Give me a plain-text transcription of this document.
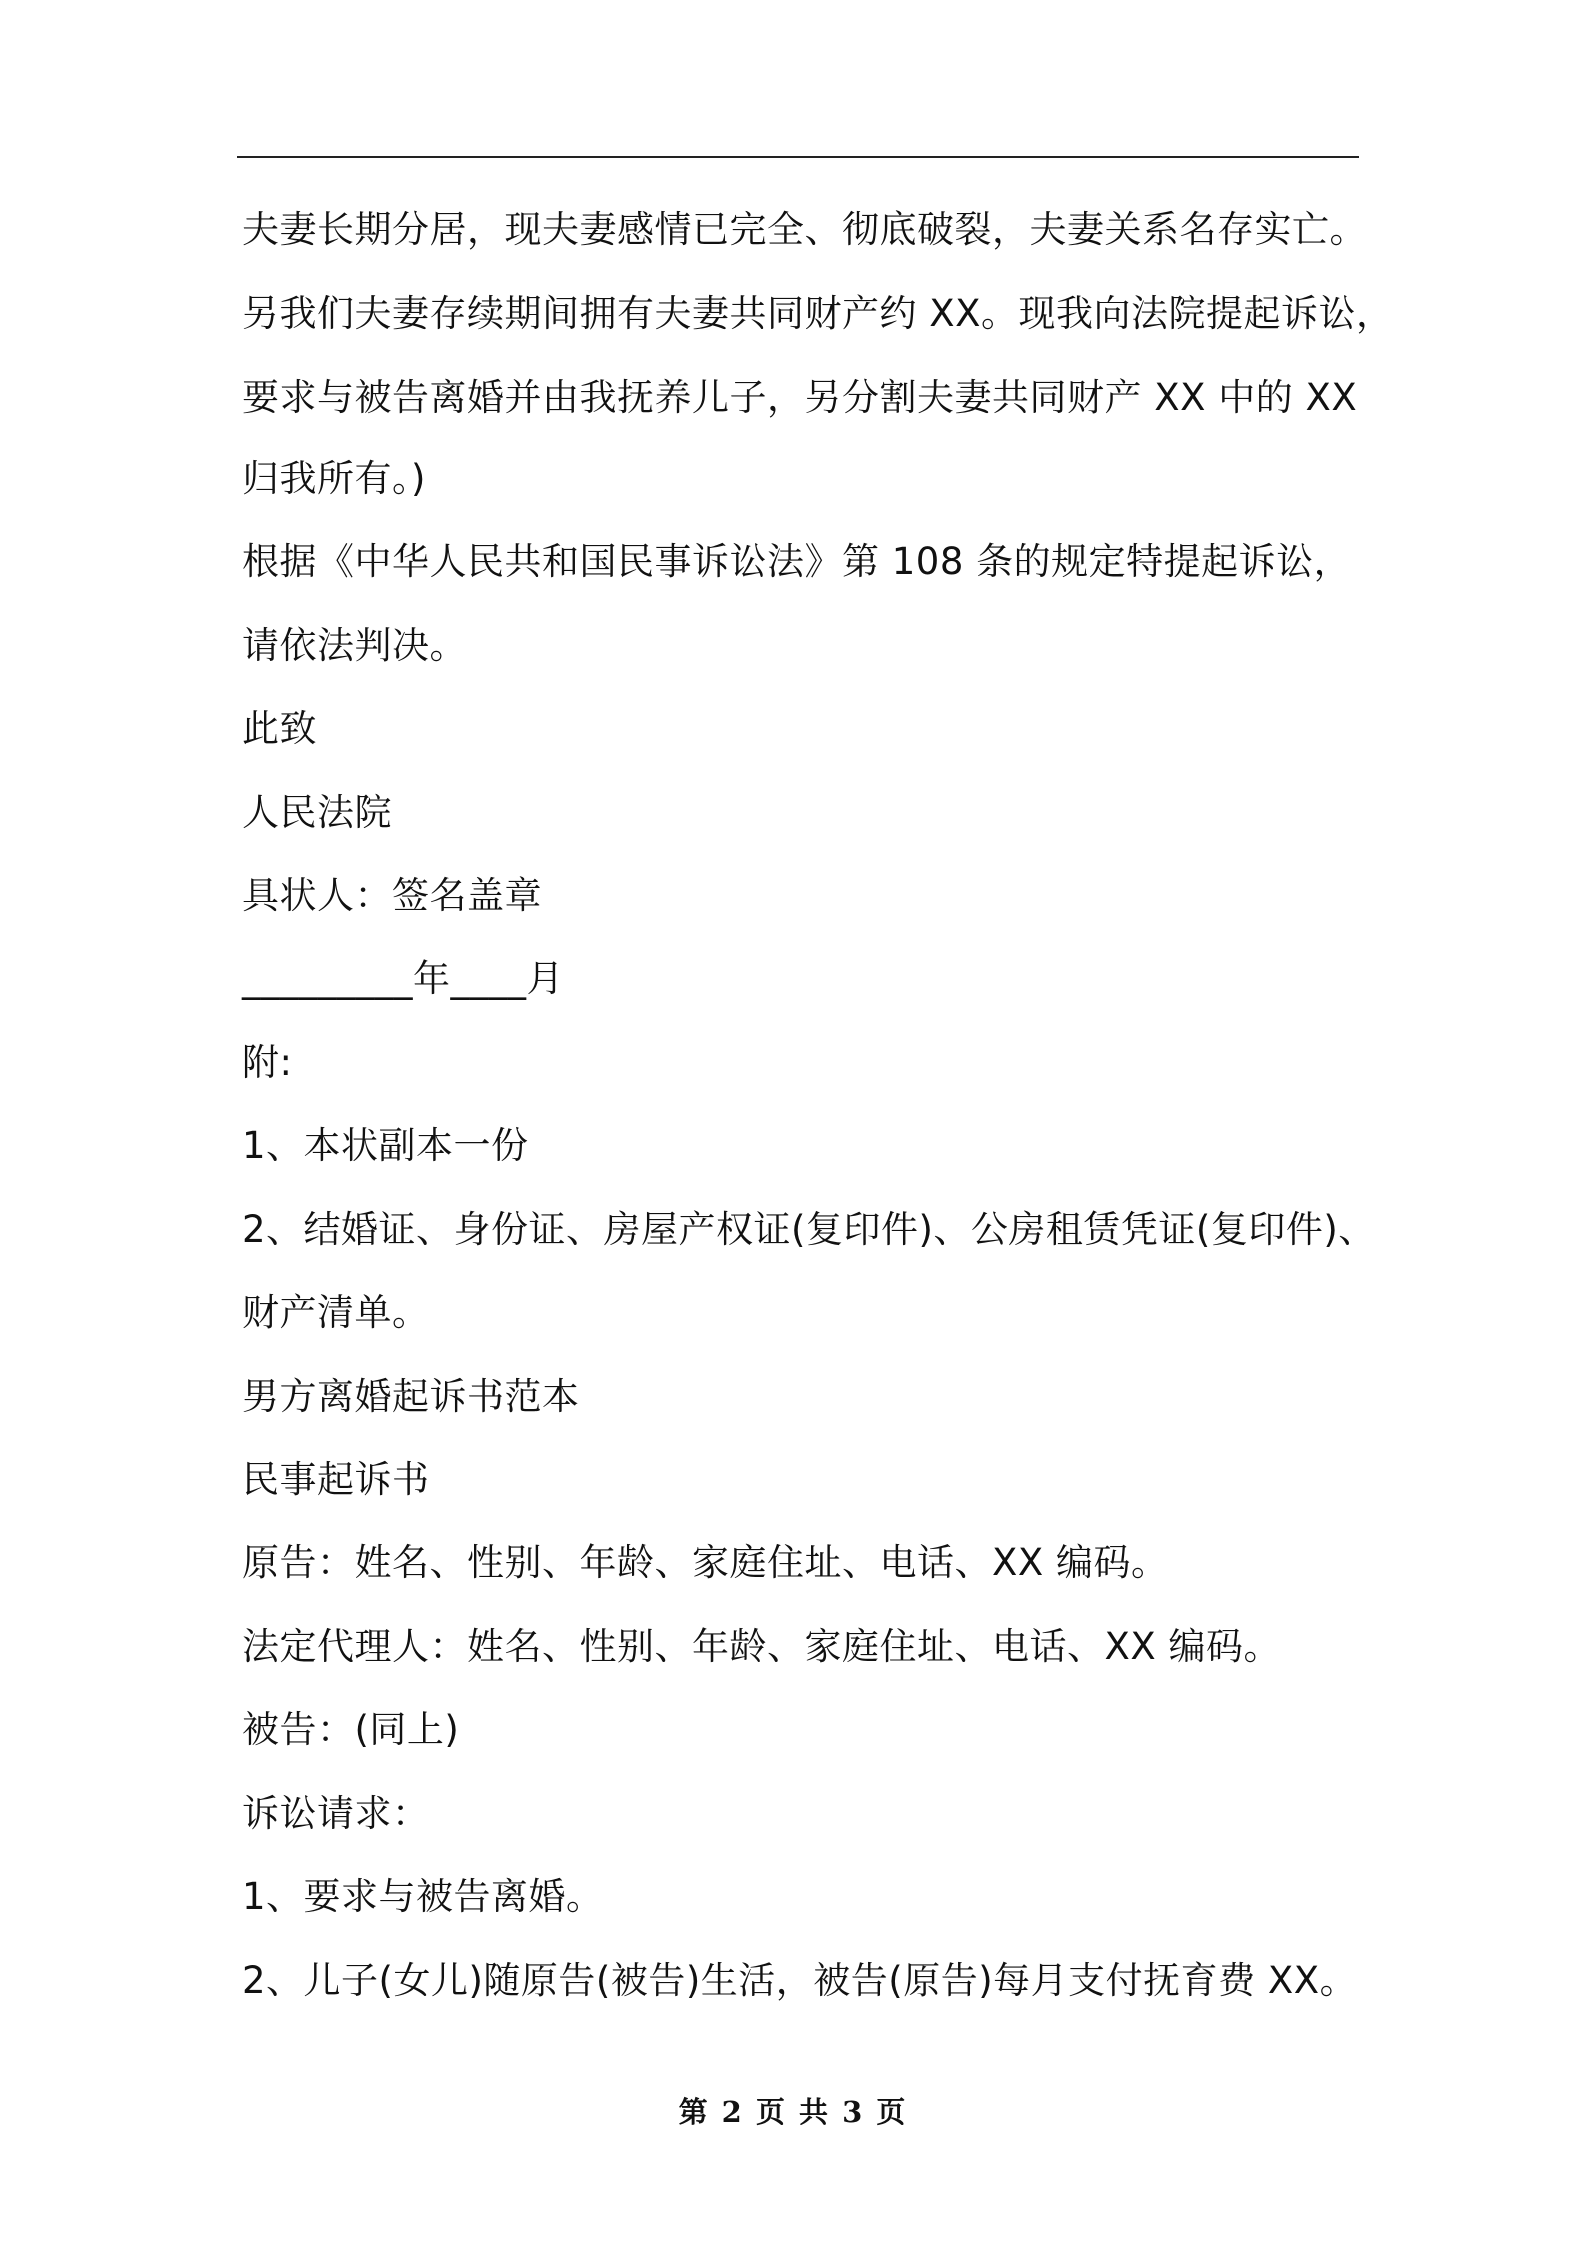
夫妻长期分居，现夫妻感情已完全、彻底破裂，夫妻关系名存实亡。
另我们夫妻存续期间拥有夫妻共同财产约 XX。现我向法院提起诉讼，
要求与被告离婚并由我抚养儿子，另分割夫妻共同财产 XX 中的 XX
归我所有。)
根据《中华人民共和国民事诉讼法》第 108 条的规定特提起诉讼，
请依法判决。
此致
人民法院
具状人：签名盖章
_________年____月
附:
1、本状副本一份
2、结婚证、身份证、房屋产权证(复印件)、公房租赁凭证(复印件)、
财产清单。
男方离婚起诉书范本
民事起诉书
原告：姓名、性别、年龄、家庭住址、电话、XX 编码。
法定代理人：姓名、性别、年龄、家庭住址、电话、XX 编码。
被告：(同上)
诉讼请求：
1、要求与被告离婚。
2、儿子(女儿)随原告(被告)生活，被告(原告)每月支付抚育费 XX。
第 2 页 共 3 页
